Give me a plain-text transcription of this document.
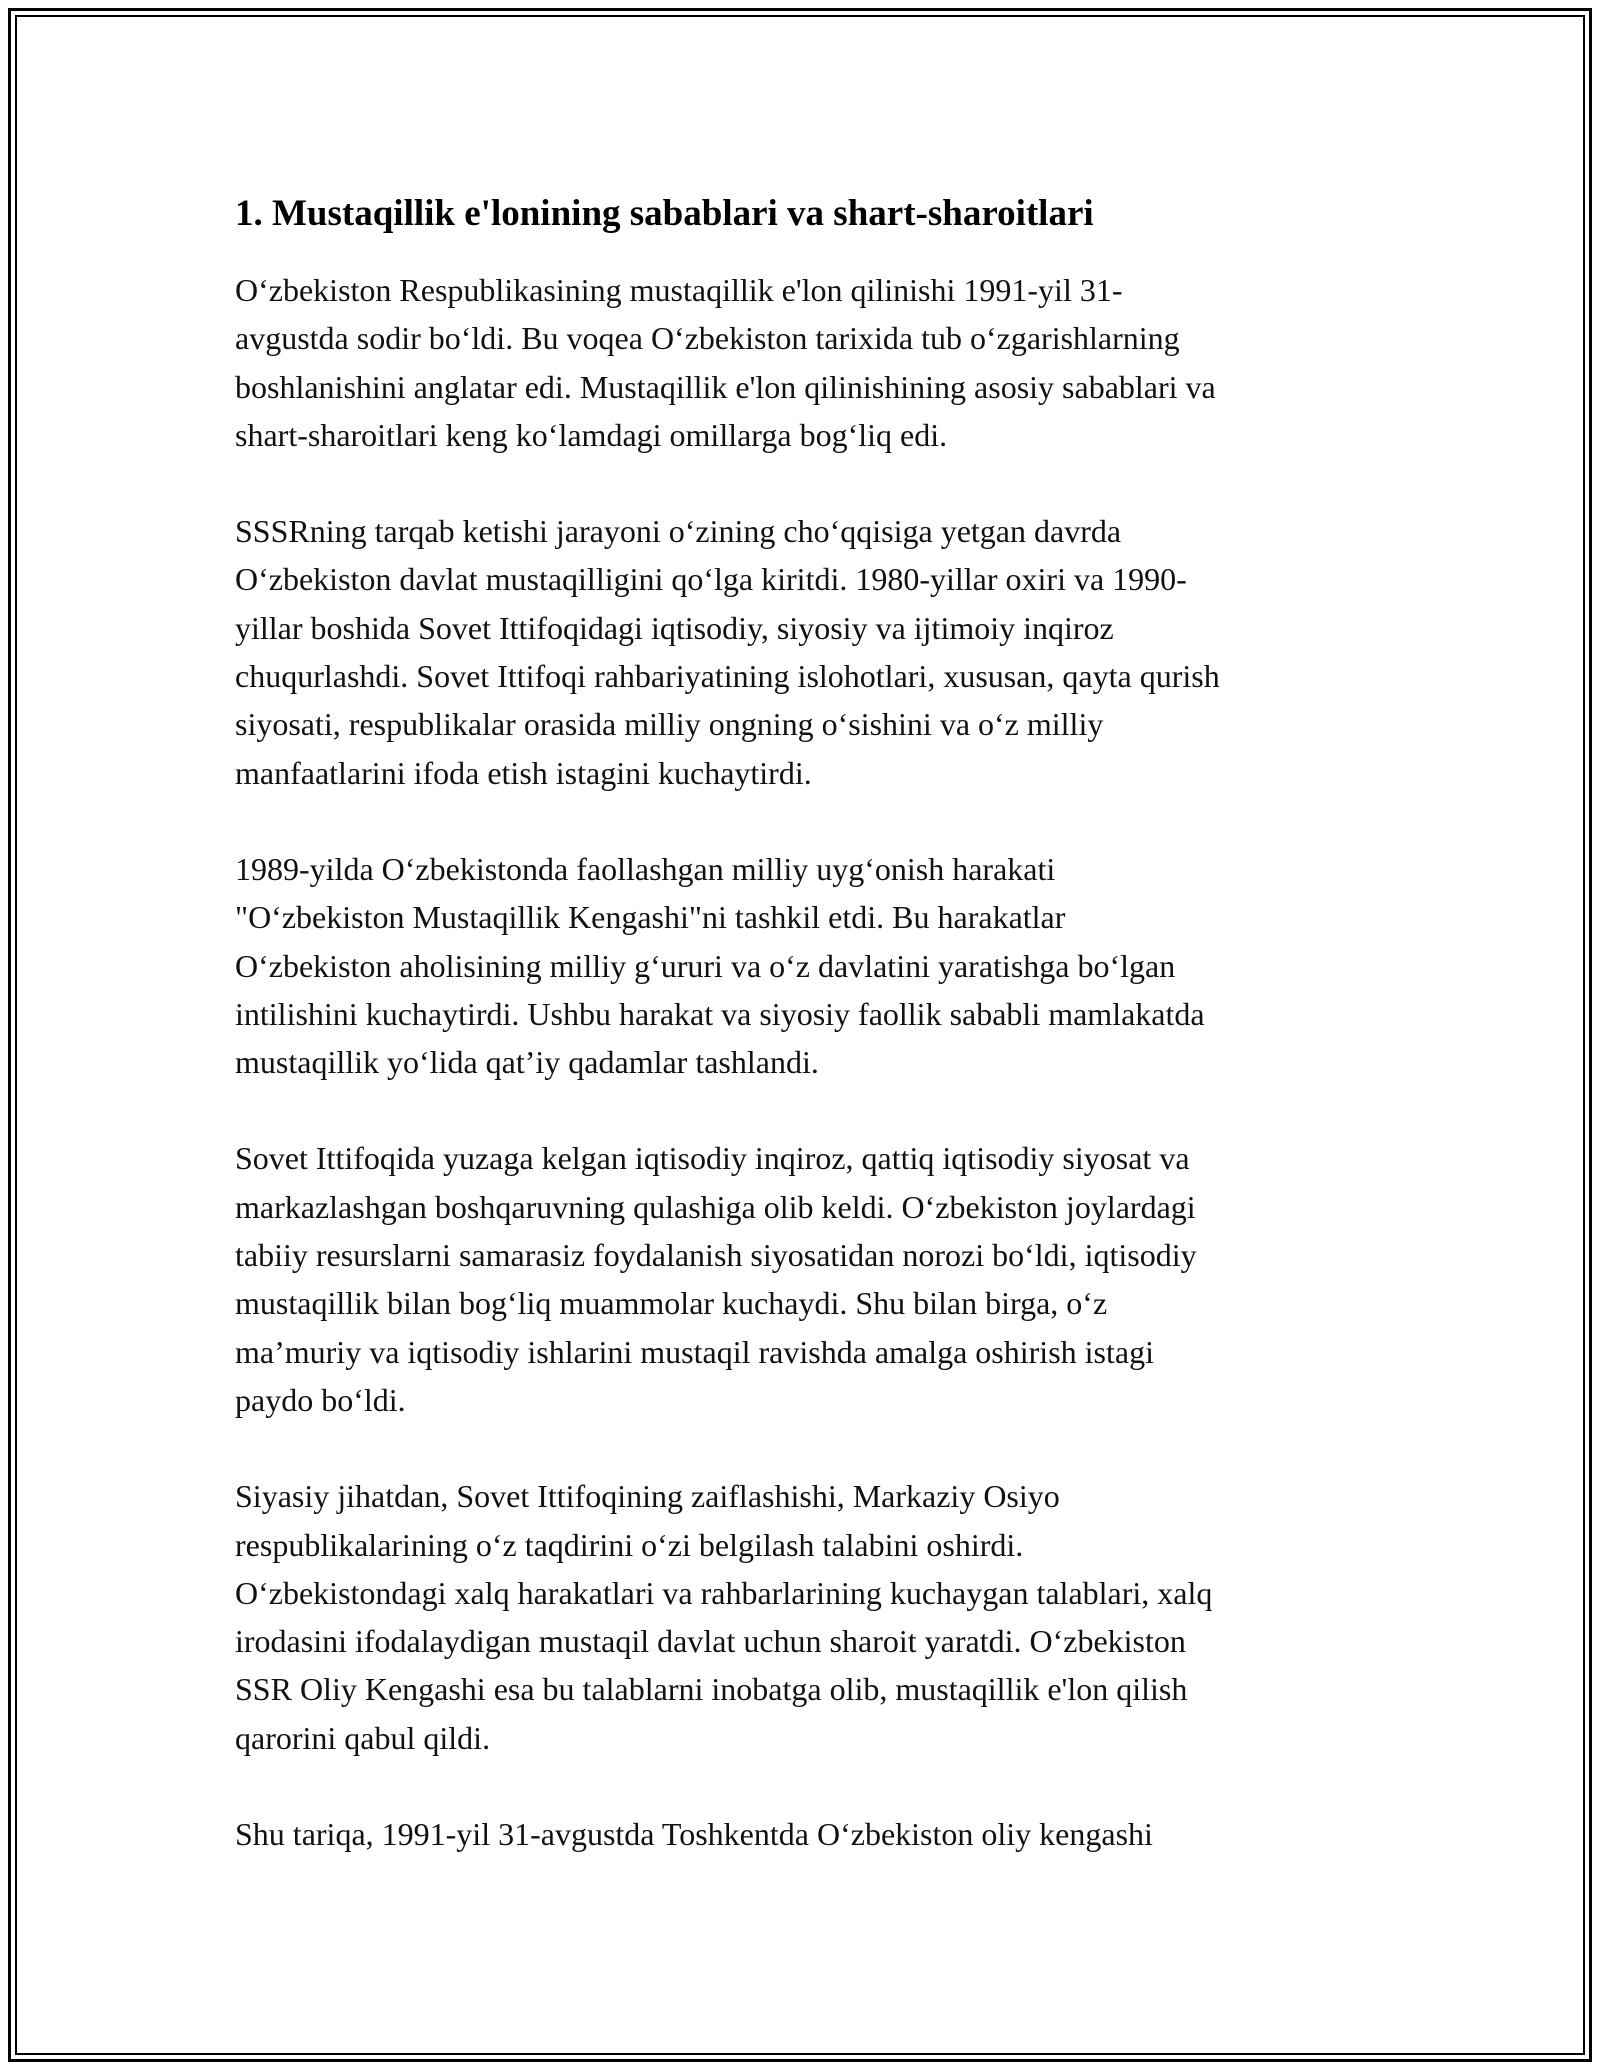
1. Mustaqillik e'lonining sabablari va shart-sharoitlari

O‘zbekiston Respublikasining mustaqillik e'lon qilinishi 1991-yil 31-
avgustda sodir bo‘ldi. Bu voqea O‘zbekiston tarixida tub o‘zgarishlarning
boshlanishini anglatar edi. Mustaqillik e'lon qilinishining asosiy sabablari va
shart-sharoitlari keng ko‘lamdagi omillarga bog‘liq edi.

SSSRning tarqab ketishi jarayoni o‘zining cho‘qqisiga yetgan davrda
O‘zbekiston davlat mustaqilligini qo‘lga kiritdi. 1980-yillar oxiri va 1990-
yillar boshida Sovet Ittifoqidagi iqtisodiy, siyosiy va ijtimoiy inqiroz
chuqurlashdi. Sovet Ittifoqi rahbariyatining islohotlari, xususan, qayta qurish
siyosati, respublikalar orasida milliy ongning o‘sishini va o‘z milliy
manfaatlarini ifoda etish istagini kuchaytirdi.

1989-yilda O‘zbekistonda faollashgan milliy uyg‘onish harakati
"O‘zbekiston Mustaqillik Kengashi"ni tashkil etdi. Bu harakatlar
O‘zbekiston aholisining milliy g‘ururi va o‘z davlatini yaratishga bo‘lgan
intilishini kuchaytirdi. Ushbu harakat va siyosiy faollik sababli mamlakatda
mustaqillik yo‘lida qat’iy qadamlar tashlandi.

Sovet Ittifoqida yuzaga kelgan iqtisodiy inqiroz, qattiq iqtisodiy siyosat va
markazlashgan boshqaruvning qulashiga olib keldi. O‘zbekiston joylardagi
tabiiy resurslarni samarasiz foydalanish siyosatidan norozi bo‘ldi, iqtisodiy
mustaqillik bilan bog‘liq muammolar kuchaydi. Shu bilan birga, o‘z
ma’muriy va iqtisodiy ishlarini mustaqil ravishda amalga oshirish istagi
paydo bo‘ldi.

Siyasiy jihatdan, Sovet Ittifoqining zaiflashishi, Markaziy Osiyo
respublikalarining o‘z taqdirini o‘zi belgilash talabini oshirdi.
O‘zbekistondagi xalq harakatlari va rahbarlarining kuchaygan talablari, xalq
irodasini ifodalaydigan mustaqil davlat uchun sharoit yaratdi. O‘zbekiston
SSR Oliy Kengashi esa bu talablarni inobatga olib, mustaqillik e'lon qilish
qarorini qabul qildi.

Shu tariqa, 1991-yil 31-avgustda Toshkentda O‘zbekiston oliy kengashi
